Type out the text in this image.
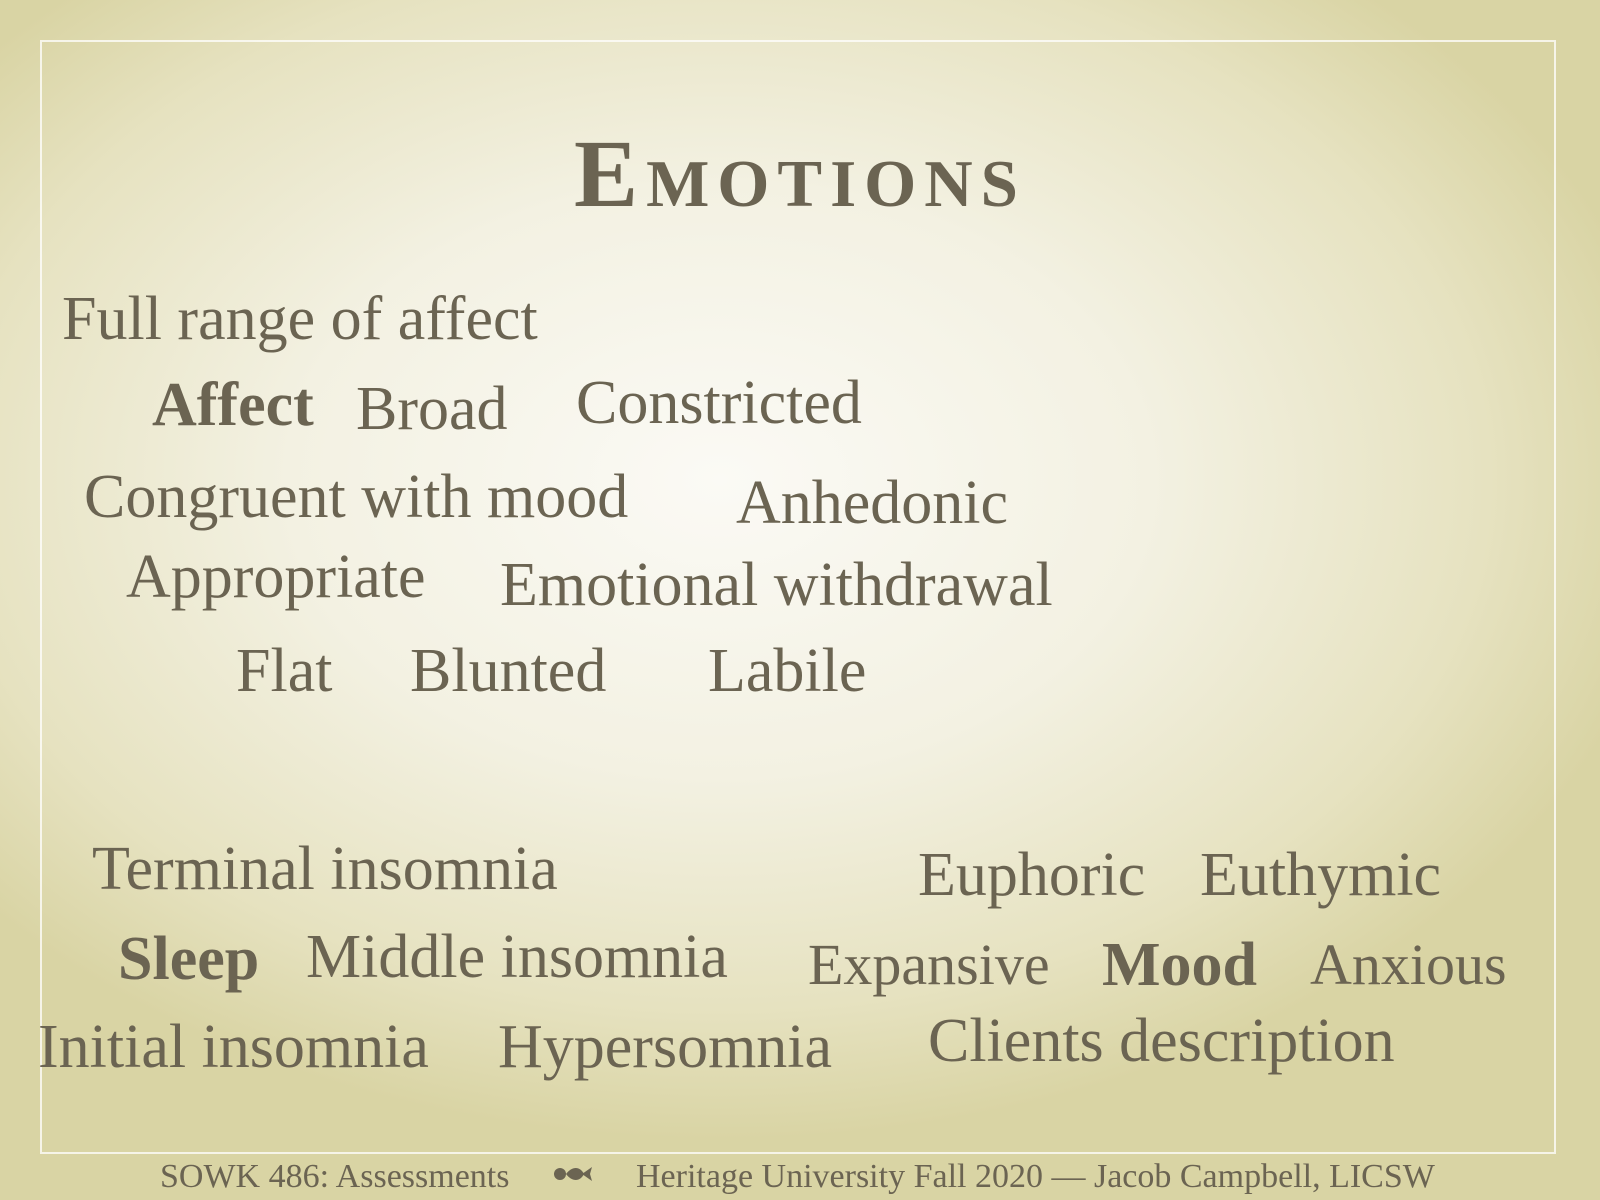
Emotions
Full range of affect
Affect Broad Constricted
Congruent with mood Anhedonic
Appropriate Emotional withdrawal
Flat Blunted Labile
Terminal insomnia
Sleep Middle insomnia
Initial insomnia Hypersomnia
Euphoric Euthymic
Expansive Mood Anxious
Clients description
SOWK 486: Assessments	Heritage University Fall 2020 — Jacob Campbell, LICSW
